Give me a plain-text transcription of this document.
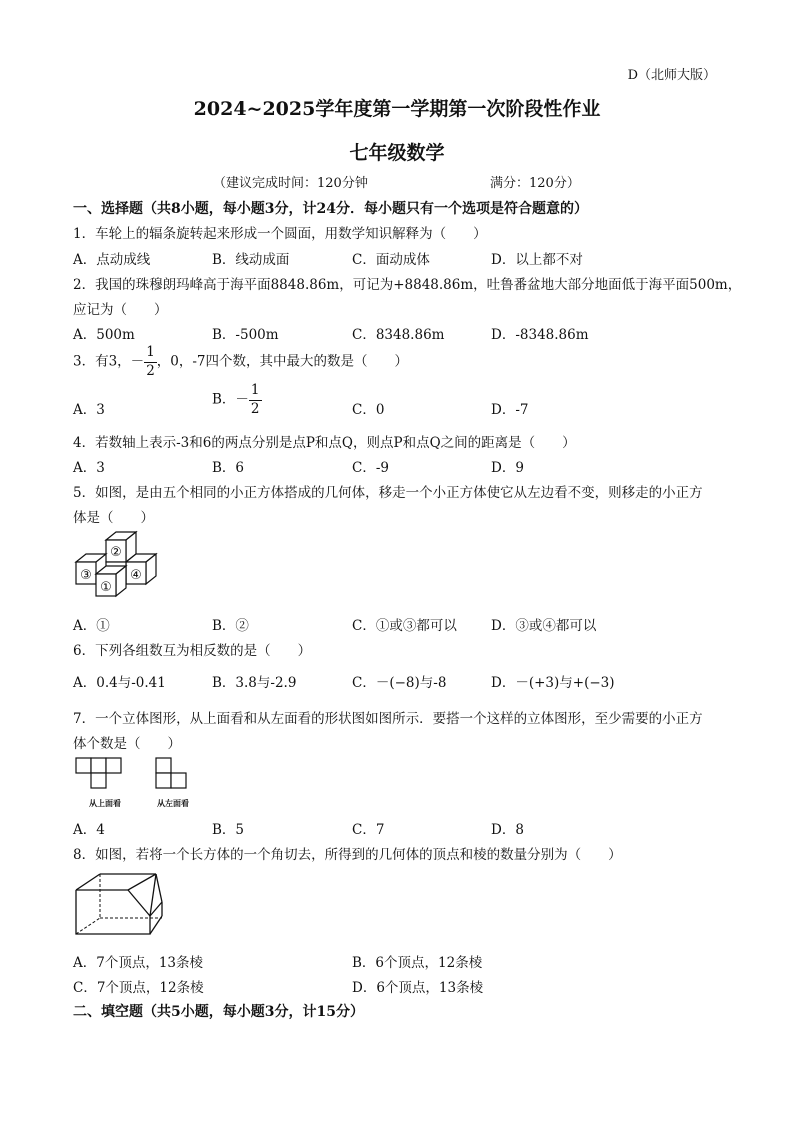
D（北师大版）
2024~2025学年度第一学期第一次阶段性作业
七年级数学
（建议完成时间：120分钟	满分：120分）
一、选择题（共8小题，每小题3分，计24分．每小题只有一个选项是符合题意的）
1．车轮上的辐条旋转起来形成一个圆面，用数学知识解释为（　　）
A．点动成线	B．线动成面	C．面动成体	D．以上都不对
2．我国的珠穆朗玛峰高于海平面8848.86m，可记为+8848.86m，吐鲁番盆地大部分地面低于海平面500m，
应记为（　　）
A．500m	B．-500m	C．8348.86m	D．-8348.86m
3．有3，－ $\frac{1}{2}$ ，0，-7四个数，其中最大的数是（　　）
A．3
B．－ $\frac{1}{2}$	C．0	D．-7
4．若数轴上表示-3和6的两点分别是点P和点Q，则点P和点Q之间的距离是（　　）
A．3	B．6	C．-9	D．9
5．如图，是由五个相同的小正方体搭成的几何体，移走一个小正方体使它从左边看不变，则移走的小正方
体是（　　）
②
③
①
④
A．①	B．②	C．①或③都可以	D．③或④都可以
6．下列各组数互为相反数的是（　　）
A．0.4与-0.41	B．3.8与-2.9	C．－(−8)与-8	D．－(+3)与+(−3)
7．一个立体图形，从上面看和从左面看的形状图如图所示．要搭一个这样的立体图形，至少需要的小正方
体个数是（　　）
从上面看	从左面看
A．4	B．5	C．7	D．8
8．如图，若将一个长方体的一个角切去，所得到的几何体的顶点和棱的数量分别为（　　）
A．7个顶点，13条棱	B．6个顶点，12条棱
C．7个顶点，12条棱	D．6个顶点，13条棱
二、填空题（共5小题，每小题3分，计15分）
